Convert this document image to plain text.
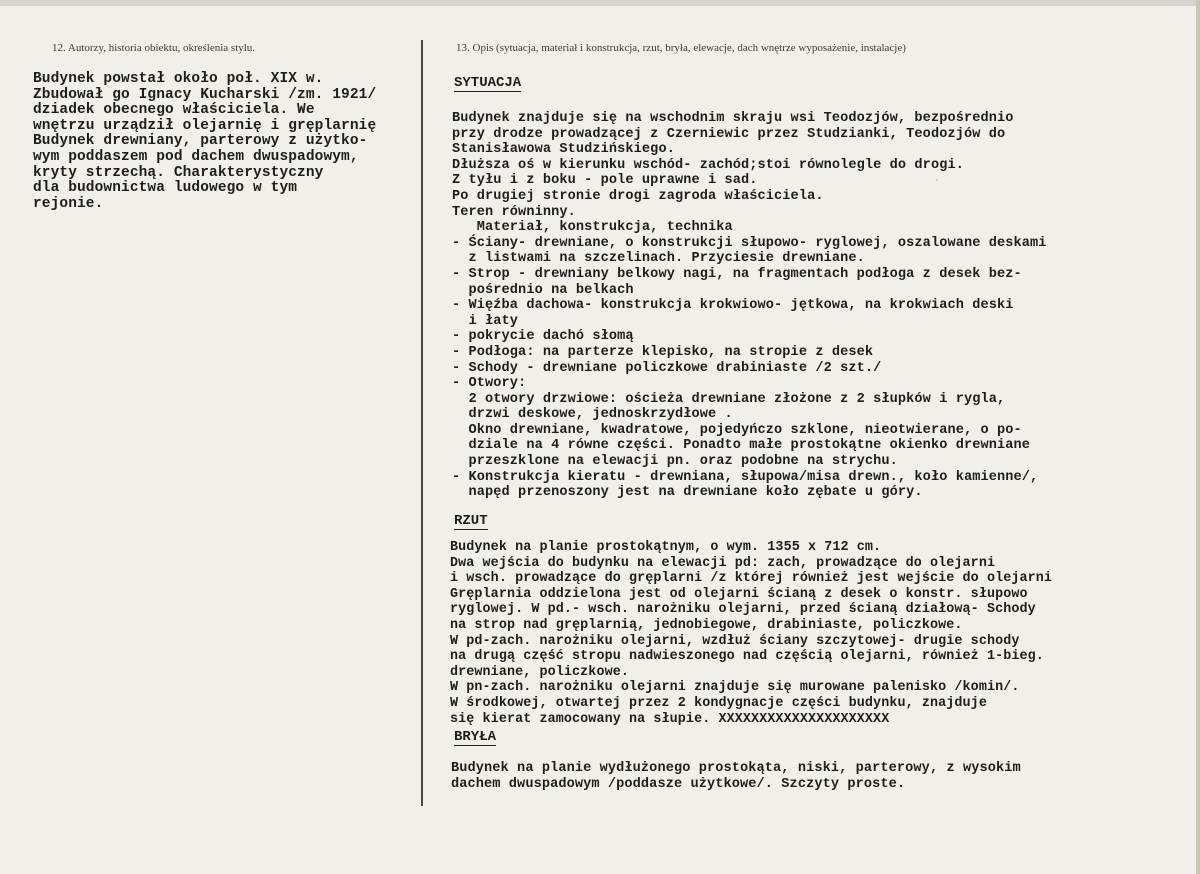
12. Autorzy, historia obiektu, określenia stylu.	13. Opis (sytuacja, materiał i konstrukcja, rzut, bryła, elewacje, dach wnętrze wyposażenie, instalacje)
Budynek powstał około poł. XIX w.
Zbudował go Ignacy Kucharski /zm. 1921/
dziadek obecnego właściciela. We
wnętrzu urządził olejarnię i gręplarnię
Budynek drewniany, parterowy z użytko-
wym poddaszem pod dachem dwuspadowym,
kryty strzechą. Charakterystyczny
dla budownictwa ludowego w tym
rejonie.
SYTUACJA
Budynek znajduje się na wschodnim skraju wsi Teodozjów, bezpośrednio
przy drodze prowadzącej z Czerniewic przez Studzianki, Teodozjów do
Stanisławowa Studzińskiego.
Dłuższa oś w kierunku wschód- zachód;stoi równolegle do drogi.
Z tyłu i z boku - pole uprawne i sad.
Po drugiej stronie drogi zagroda właściciela.
Teren równinny.
Materiał, konstrukcja, technika
- Ściany- drewniane, o konstrukcji słupowo- ryglowej, oszalowane deskami
z listwami na szczelinach. Przyciesie drewniane.
- Strop - drewniany belkowy nagi, na fragmentach podłoga z desek bez-
pośrednio na belkach
- Więźba dachowa- konstrukcja krokwiowo- jętkowa, na krokwiach deski
i łaty
- pokrycie dachó słomą
- Podłoga: na parterze klepisko, na stropie z desek
- Schody - drewniane policzkowe drabiniaste /2 szt./
- Otwory:
2 otwory drzwiowe: ościeża drewniane złożone z 2 słupków i rygla,
drzwi deskowe, jednoskrzydłowe .
Okno drewniane, kwadratowe, pojedyńczo szklone, nieotwierane, o po-
dziale na 4 równe części. Ponadto małe prostokątne okienko drewniane
przeszklone na elewacji pn. oraz podobne na strychu.
- Konstrukcja kieratu - drewniana, słupowa/misa drewn., koło kamienne/,
napęd przenoszony jest na drewniane koło zębate u góry.
RZUT
Budynek na planie prostokątnym, o wym. 1355 x 712 cm.
Dwa wejścia do budynku na elewacji pd: zach, prowadzące do olejarni
i wsch. prowadzące do gręplarni /z której również jest wejście do olejarni
Gręplarnia oddzielona jest od olejarni ścianą z desek o konstr. słupowo
ryglowej. W pd.- wsch. narożniku olejarni, przed ścianą działową- Schody
na strop nad gręplarnią, jednobiegowe, drabiniaste, policzkowe.
W pd-zach. narożniku olejarni, wzdłuż ściany szczytowej- drugie schody
na drugą część stropu nadwieszonego nad częścią olejarni, również 1-bieg.
drewniane, policzkowe.
W pn-zach. narożniku olejarni znajduje się murowane palenisko /komin/.
W środkowej, otwartej przez 2 kondygnacje części budynku, znajduje
się kierat zamocowany na słupie. XXXXXXXXXXXXXXXXXXXXX
BRYŁA
Budynek na planie wydłużonego prostokąta, niski, parterowy, z wysokim
dachem dwuspadowym /poddasze użytkowe/. Szczyty proste.
ˊ
